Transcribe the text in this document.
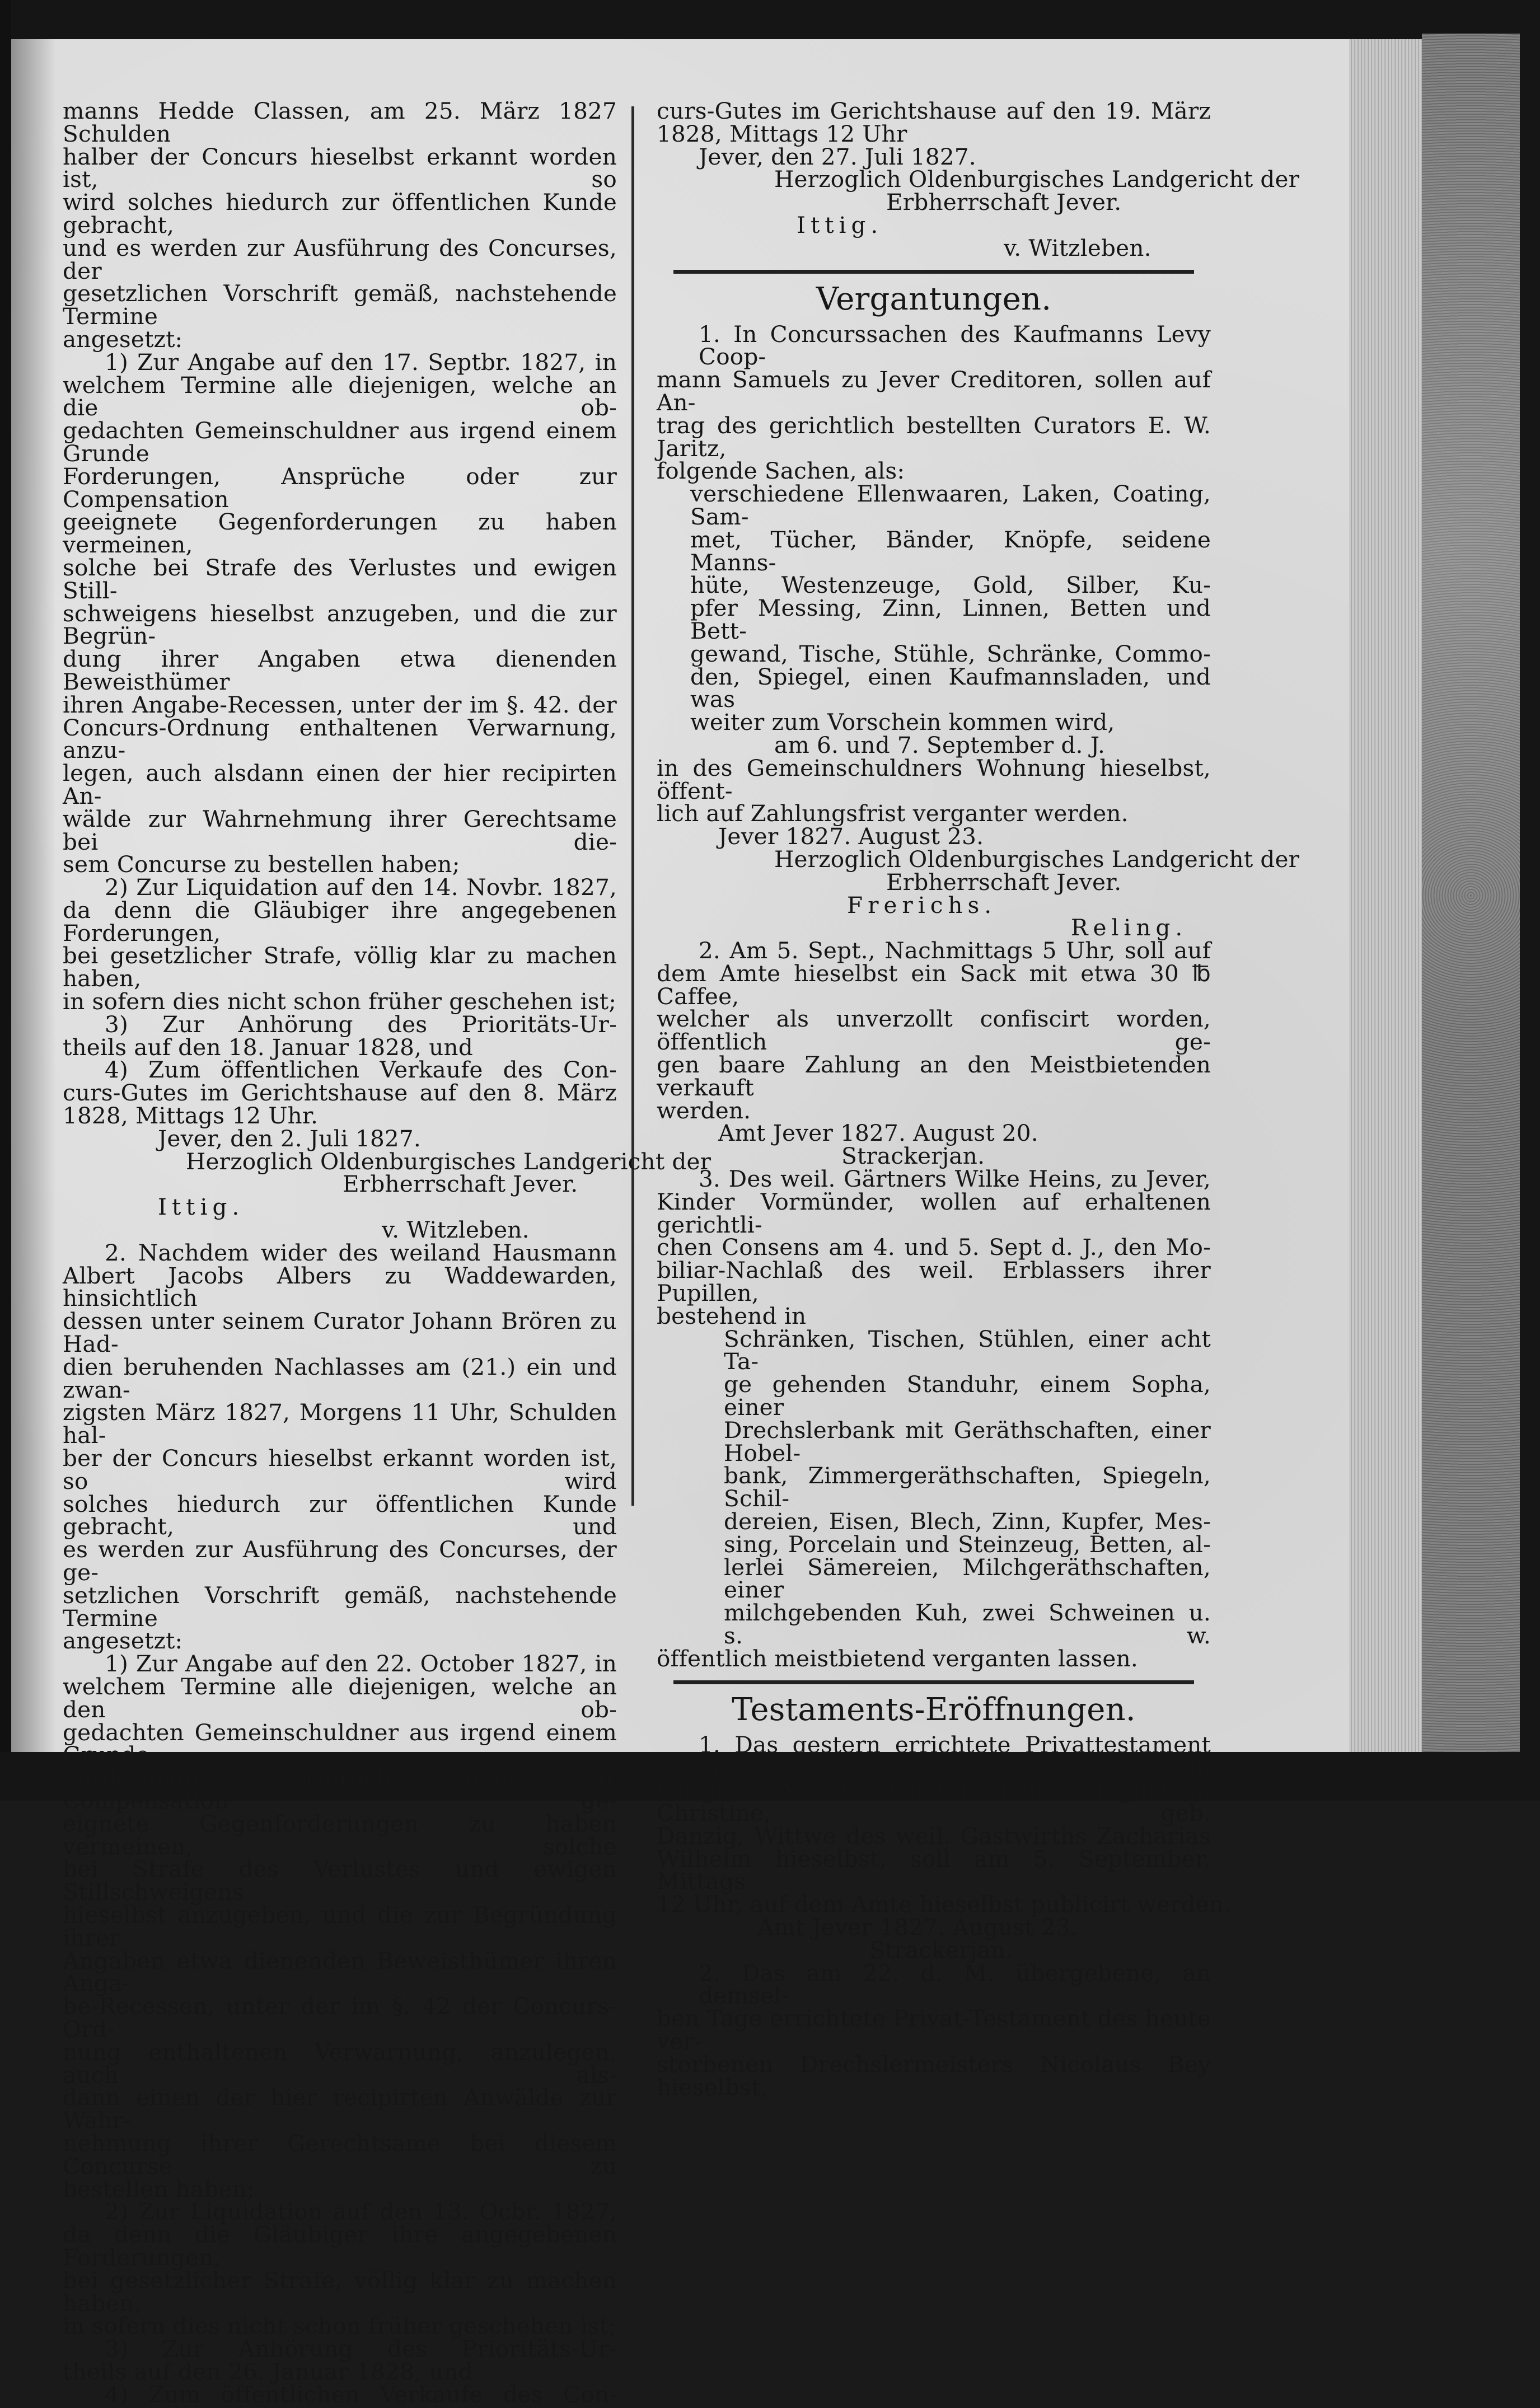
manns Hedde Classen, am 25. März 1827 Schulden
halber der Concurs hieselbst erkannt worden ist, so
wird solches hiedurch zur öffentlichen Kunde gebracht,
und es werden zur Ausführung des Concurses, der
gesetzlichen Vorschrift gemäß, nachstehende Termine
angesetzt:
1) Zur Angabe auf den 17. Septbr. 1827, in
welchem Termine alle diejenigen, welche an die ob-
gedachten Gemeinschuldner aus irgend einem Grunde
Forderungen, Ansprüche oder zur Compensation
geeignete Gegenforderungen zu haben vermeinen,
solche bei Strafe des Verlustes und ewigen Still-
schweigens hieselbst anzugeben, und die zur Begrün-
dung ihrer Angaben etwa dienenden Beweisthümer
ihren Angabe-Recessen, unter der im §. 42. der
Concurs-Ordnung enthaltenen Verwarnung, anzu-
legen, auch alsdann einen der hier recipirten An-
wälde zur Wahrnehmung ihrer Gerechtsame bei die-
sem Concurse zu bestellen haben;
2) Zur Liquidation auf den 14. Novbr. 1827,
da denn die Gläubiger ihre angegebenen Forderungen,
bei gesetzlicher Strafe, völlig klar zu machen haben,
in sofern dies nicht schon früher geschehen ist;
3) Zur Anhörung des Prioritäts-Ur-
theils auf den 18. Januar 1828, und
4) Zum öffentlichen Verkaufe des Con-
curs-Gutes im Gerichtshause auf den 8. März
1828, Mittags 12 Uhr.
Jever, den 2. Juli 1827.
Herzoglich Oldenburgisches Landgericht der
Erbherrschaft Jever.
Ittig.
v. Witzleben.
2. Nachdem wider des weiland Hausmann
Albert Jacobs Albers zu Waddewarden, hinsichtlich
dessen unter seinem Curator Johann Brören zu Had-
dien beruhenden Nachlasses am (21.) ein und zwan-
zigsten März 1827, Morgens 11 Uhr, Schulden hal-
ber der Concurs hieselbst erkannt worden ist, so wird
solches hiedurch zur öffentlichen Kunde gebracht, und
es werden zur Ausführung des Concurses, der ge-
setzlichen Vorschrift gemäß, nachstehende Termine
angesetzt:
1) Zur Angabe auf den 22. October 1827, in
welchem Termine alle diejenigen, welche an den ob-
gedachten Gemeinschuldner aus irgend einem Grunde
Forderungen, Ansprüche oder zur Compensation ge-
eignete Gegenforderungen zu haben vermeinen, solche
bei Strafe des Verlustes und ewigen Stillschweigens
hieselbst anzugeben, und die zur Begründung ihrer
Angaben etwa dienenden Beweisthümer ihren Anga-
be-Recessen, unter der im §. 42 der Concurs-Ord-
nung enthaltenen Verwarnung, anzulegen, auch als-
dann einen der hier recipirten Anwälde zur Wahr-
nehmung ihrer Gerechtsame bei diesem Concurse zu
bestellen haben;
2) Zur Liquidation auf den 13. Ocbr. 1827,
da denn die Gläubiger ihre angegebenen Forderungen,
bei gesetzlicher Strafe, völlig klar zu machen haben,
in sofern dies nicht schon früher geschehen ist;
3) Zur Anhörung des Prioritäts-Ur-
theils auf den 26. Januar 1828, und
4) Zum öffentlichen Verkaufe des Con-
curs-Gutes im Gerichtshause auf den 19. März
1828, Mittags 12 Uhr
Jever, den 27. Juli 1827.
Herzoglich Oldenburgisches Landgericht der
Erbherrschaft Jever.
Ittig.
v. Witzleben.
Vergantungen.
1. In Concurssachen des Kaufmanns Levy Coop-
mann Samuels zu Jever Creditoren, sollen auf An-
trag des gerichtlich bestellten Curators E. W. Jaritz,
folgende Sachen, als:
verschiedene Ellenwaaren, Laken, Coating, Sam-
met, Tücher, Bänder, Knöpfe, seidene Manns-
hüte, Westenzeuge, Gold, Silber, Ku-
pfer Messing, Zinn, Linnen, Betten und Bett-
gewand, Tische, Stühle, Schränke, Commo-
den, Spiegel, einen Kaufmannsladen, und was
weiter zum Vorschein kommen wird,
am 6. und 7. September d. J.
in des Gemeinschuldners Wohnung hieselbst, öffent-
lich auf Zahlungsfrist verganter werden.
Jever 1827. August 23.
Herzoglich Oldenburgisches Landgericht der
Erbherrschaft Jever.
Frerichs.
Reling.
2. Am 5. Sept., Nachmittags 5 Uhr, soll auf
dem Amte hieselbst ein Sack mit etwa 30 ℔ Caffee,
welcher als unverzollt confiscirt worden, öffentlich ge-
gen baare Zahlung an den Meistbietenden verkauft
werden.
Amt Jever 1827. August 20.
Strackerjan.
3. Des weil. Gärtners Wilke Heins, zu Jever,
Kinder Vormünder, wollen auf erhaltenen gerichtli-
chen Consens am 4. und 5. Sept d. J., den Mo-
biliar-Nachlaß des weil. Erblassers ihrer Pupillen,
bestehend in
Schränken, Tischen, Stühlen, einer acht Ta-
ge gehenden Standuhr, einem Sopha, einer
Drechslerbank mit Geräthschaften, einer Hobel-
bank, Zimmergeräthschaften, Spiegeln, Schil-
dereien, Eisen, Blech, Zinn, Kupfer, Mes-
sing, Porcelain und Steinzeug, Betten, al-
lerlei Sämereien, Milchgeräthschaften, einer
milchgebenden Kuh, zwei Schweinen u. s. w.
öffentlich meistbietend verganten lassen.
Testaments-Eröffnungen.
1. Das gestern errichtete Privattestament der in
voriger Nacht verstorbenen Magdalena Christine, geb.
Danzig, Wittwe des weil. Gastwirths Zacharias
Wilhelm hieselbst, soll am 5. September, Mittags
12 Uhr, auf dem Amte hieselbst publicirt werden.
Amt Jever 1827. August 23.
Strackerjan.
2. Das am 22. d. M. übergebene, an demsel-
ben Tage errichtete Privat-Testament des heute ver-
storbenen Drechslermeisters Nicolaus Bey hieselbst,
